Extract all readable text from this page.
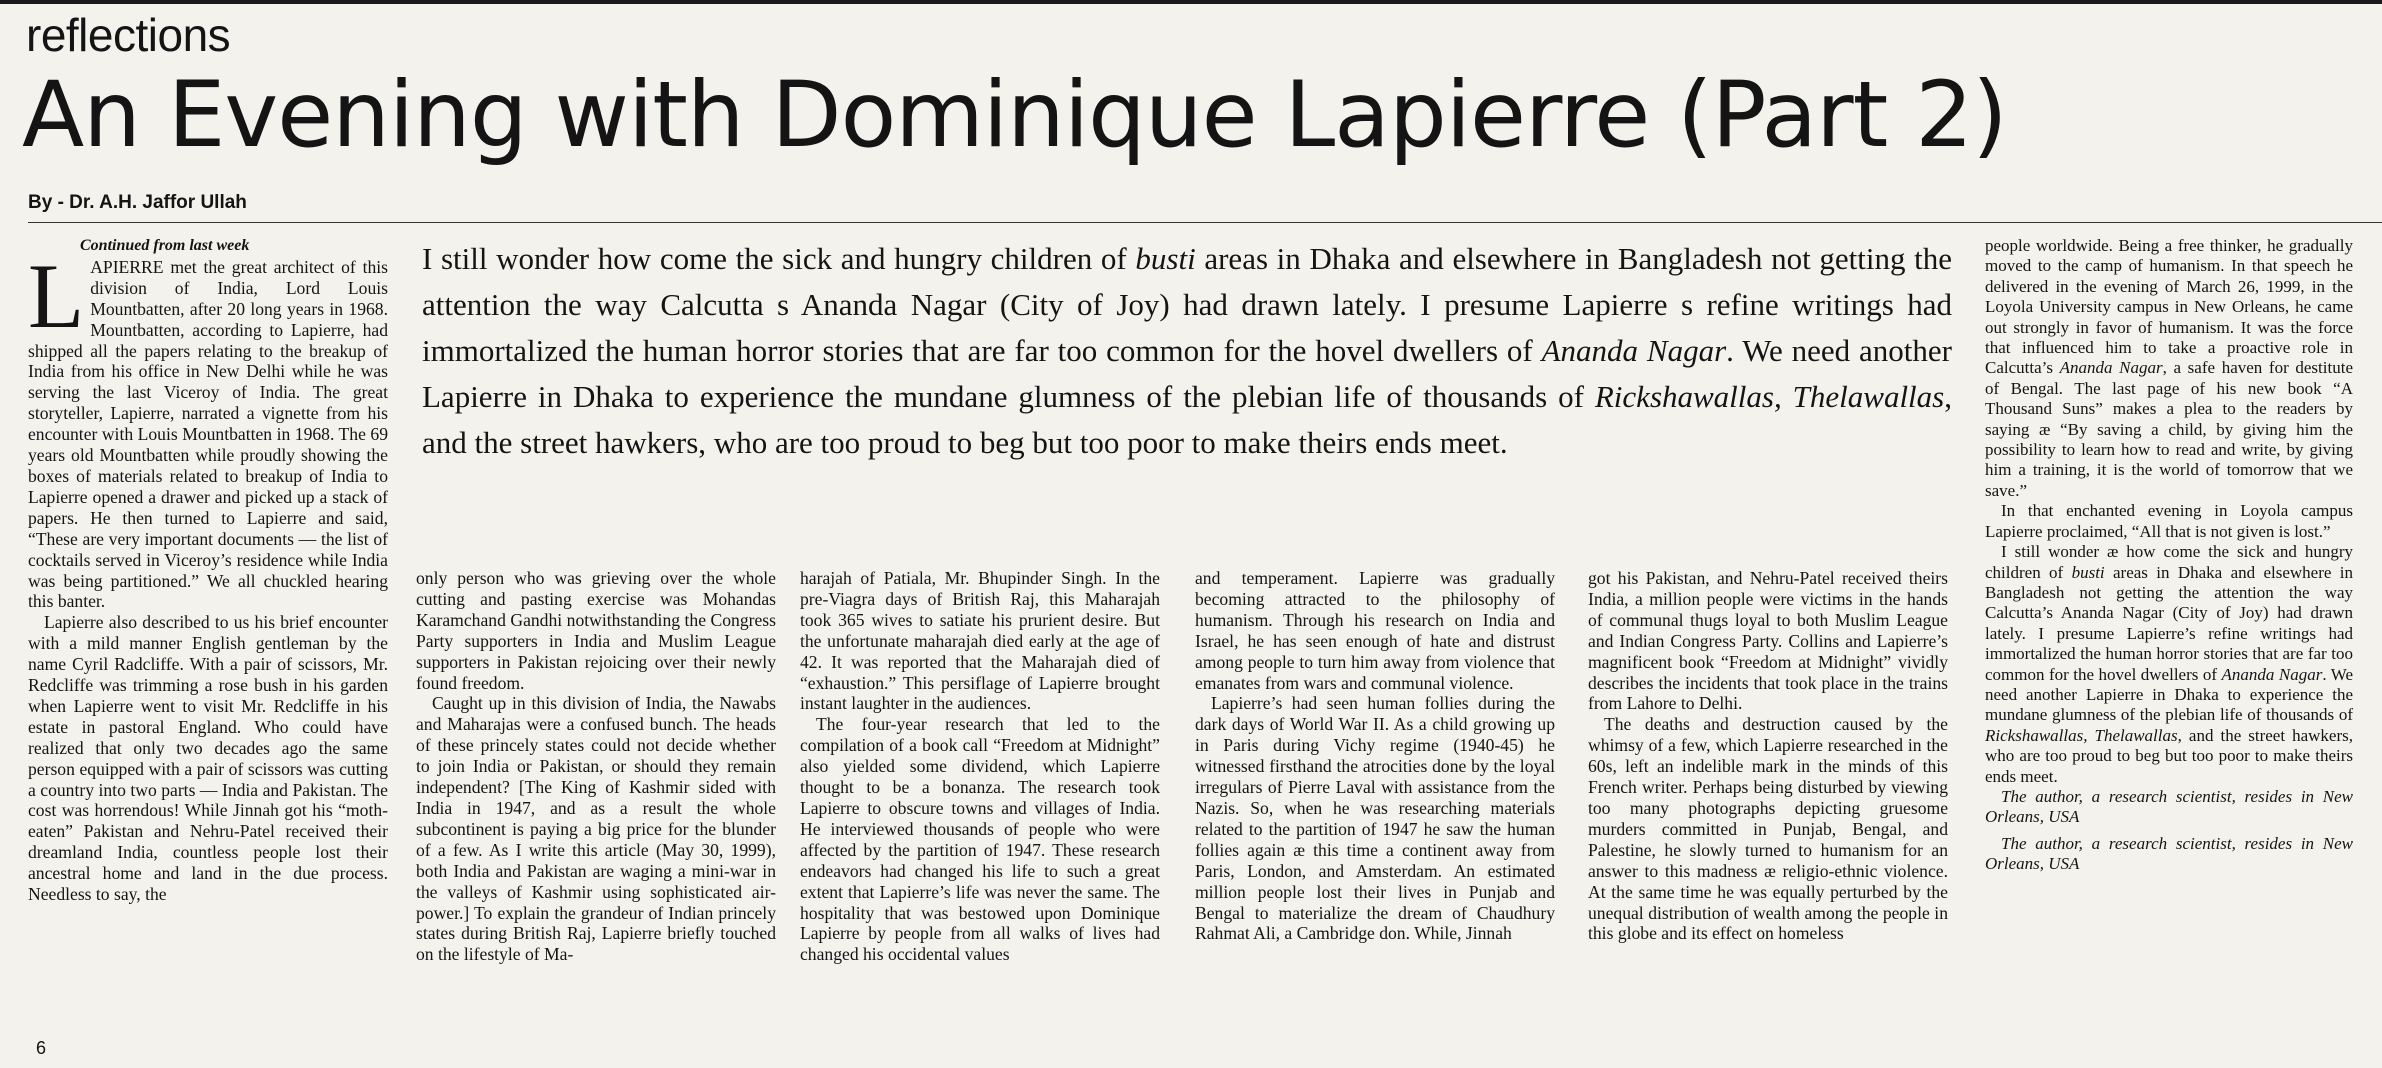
reflections
An Evening with Dominique Lapierre (Part 2)
By - Dr. A.H. Jaffor Ullah

Continued from last week

LAPIERRE met the great architect of this division of India, Lord Louis Mountbatten, after 20 long years in 1968. Mountbatten, according to Lapierre, had shipped all the papers relating to the breakup of India from his office in New Delhi while he was serving the last Viceroy of India. The great storyteller, Lapierre, narrated a vignette from his encounter with Louis Mountbatten in 1968. The 69 years old Mountbatten while proudly showing the boxes of materials related to breakup of India to Lapierre opened a drawer and picked up a stack of papers. He then turned to Lapierre and said, “These are very important documents — the list of cocktails served in Viceroy’s residence while India was being partitioned.” We all chuckled hearing this banter.

Lapierre also described to us his brief encounter with a mild manner English gentleman by the name Cyril Radcliffe. With a pair of scissors, Mr. Redcliffe was trimming a rose bush in his garden when Lapierre went to visit Mr. Redcliffe in his estate in pastoral England. Who could have realized that only two decades ago the same person equipped with a pair of scissors was cutting a country into two parts — India and Pakistan. The cost was horrendous! While Jinnah got his “moth-eaten” Pakistan and Nehru-Patel received their dreamland India, countless people lost their ancestral home and land in the due process. Needless to say, the

I still wonder how come the sick and hungry children of busti areas in Dhaka and elsewhere in Bangladesh not getting the attention the way Calcutta s Ananda Nagar (City of Joy) had drawn lately. I presume Lapierre s refine writings had immortalized the human horror stories that are far too common for the hovel dwellers of Ananda Nagar. We need another Lapierre in Dhaka to experience the mundane glumness of the plebian life of thousands of Rickshawallas, Thelawallas, and the street hawkers, who are too proud to beg but too poor to make theirs ends meet.

only person who was grieving over the whole cutting and pasting exercise was Mohandas Karamchand Gandhi notwithstanding the Congress Party supporters in India and Muslim League supporters in Pakistan rejoicing over their newly found freedom.

Caught up in this division of India, the Nawabs and Maharajas were a confused bunch. The heads of these princely states could not decide whether to join India or Pakistan, or should they remain independent? [The King of Kashmir sided with India in 1947, and as a result the whole subcontinent is paying a big price for the blunder of a few. As I write this article (May 30, 1999), both India and Pakistan are waging a mini-war in the valleys of Kashmir using sophisticated air-power.] To explain the grandeur of Indian princely states during British Raj, Lapierre briefly touched on the lifestyle of Ma-

harajah of Patiala, Mr. Bhupinder Singh. In the pre-Viagra days of British Raj, this Maharajah took 365 wives to satiate his prurient desire. But the unfortunate maharajah died early at the age of 42. It was reported that the Maharajah died of “exhaustion.” This persiflage of Lapierre brought instant laughter in the audiences.

The four-year research that led to the compilation of a book call “Freedom at Midnight” also yielded some dividend, which Lapierre thought to be a bonanza. The research took Lapierre to obscure towns and villages of India. He interviewed thousands of people who were affected by the partition of 1947. These research endeavors had changed his life to such a great extent that Lapierre’s life was never the same. The hospitality that was bestowed upon Dominique Lapierre by people from all walks of lives had changed his occidental values

and temperament. Lapierre was gradually becoming attracted to the philosophy of humanism. Through his research on India and Israel, he has seen enough of hate and distrust among people to turn him away from violence that emanates from wars and communal violence.

Lapierre’s had seen human follies during the dark days of World War II. As a child growing up in Paris during Vichy regime (1940-45) he witnessed firsthand the atrocities done by the loyal irregulars of Pierre Laval with assistance from the Nazis. So, when he was researching materials related to the partition of 1947 he saw the human follies again æ this time a continent away from Paris, London, and Amsterdam. An estimated million people lost their lives in Punjab and Bengal to materialize the dream of Chaudhury Rahmat Ali, a Cambridge don. While, Jinnah

got his Pakistan, and Nehru-Patel received theirs India, a million people were victims in the hands of communal thugs loyal to both Muslim League and Indian Congress Party. Collins and Lapierre’s magnificent book “Freedom at Midnight” vividly describes the incidents that took place in the trains from Lahore to Delhi.

The deaths and destruction caused by the whimsy of a few, which Lapierre researched in the 60s, left an indelible mark in the minds of this French writer. Perhaps being disturbed by viewing too many photographs depicting gruesome murders committed in Punjab, Bengal, and Palestine, he slowly turned to humanism for an answer to this madness æ religio-ethnic violence. At the same time he was equally perturbed by the unequal distribution of wealth among the people in this globe and its effect on homeless

people worldwide. Being a free thinker, he gradually moved to the camp of humanism. In that speech he delivered in the evening of March 26, 1999, in the Loyola University campus in New Orleans, he came out strongly in favor of humanism. It was the force that influenced him to take a proactive role in Calcutta’s Ananda Nagar, a safe haven for destitute of Bengal. The last page of his new book “A Thousand Suns” makes a plea to the readers by saying æ “By saving a child, by giving him the possibility to learn how to read and write, by giving him a training, it is the world of tomorrow that we save.”

In that enchanted evening in Loyola campus Lapierre proclaimed, “All that is not given is lost.”

I still wonder æ how come the sick and hungry children of busti areas in Dhaka and elsewhere in Bangladesh not getting the attention the way Calcutta’s Ananda Nagar (City of Joy) had drawn lately. I presume Lapierre’s refine writings had immortalized the human horror stories that are far too common for the hovel dwellers of Ananda Nagar. We need another Lapierre in Dhaka to experience the mundane glumness of the plebian life of thousands of Rickshawallas, Thelawallas, and the street hawkers, who are too proud to beg but too poor to make theirs ends meet.

The author, a research scientist, resides in New Orleans, USA

The author, a research scientist, resides in New Orleans, USA

6
